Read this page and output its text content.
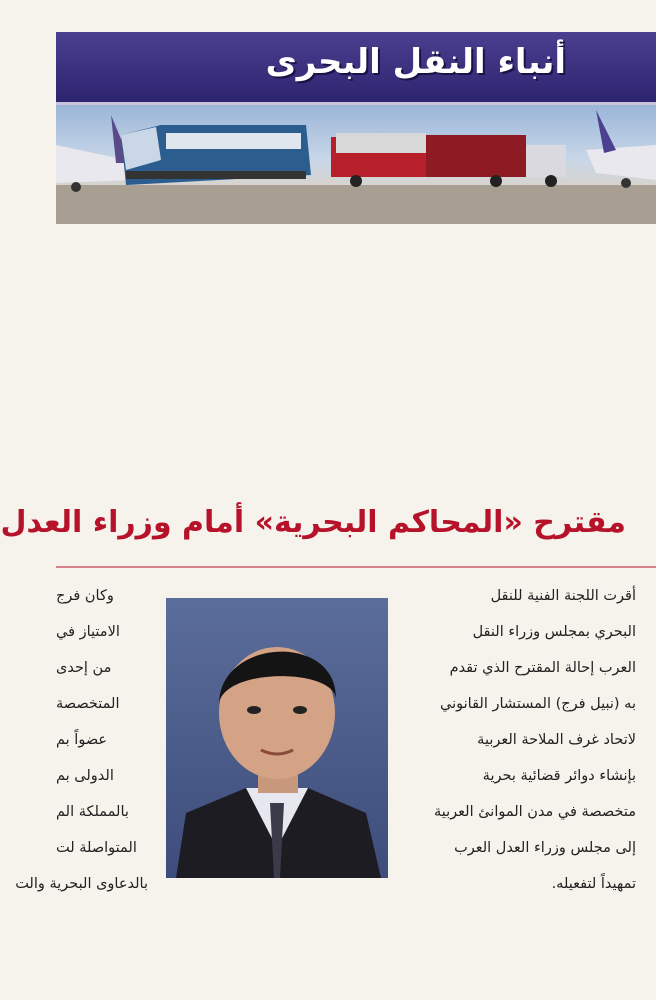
أنباء النقل البحرى
مقترح «المحاكم البحرية» أمام وزراء العدل
أقرت اللجنة الفنية للنقل
البحري بمجلس وزراء النقل
العرب إحالة المقترح الذي تقدم
به (نبيل فرج) المستشار القانوني
لاتحاد غرف الملاحة العربية
بإنشاء دوائر قضائية بحرية
متخصصة في مدن الموانئ العربية
إلى مجلس وزراء العدل العرب
تمهيداً لتفعيله.
وكان فرج
الامتياز في
من إحدى
المتخصصة
عضواً بم
الدولى بم
بالمملكة الم
المتواصلة لت
بالدعاوى البحرية والت
